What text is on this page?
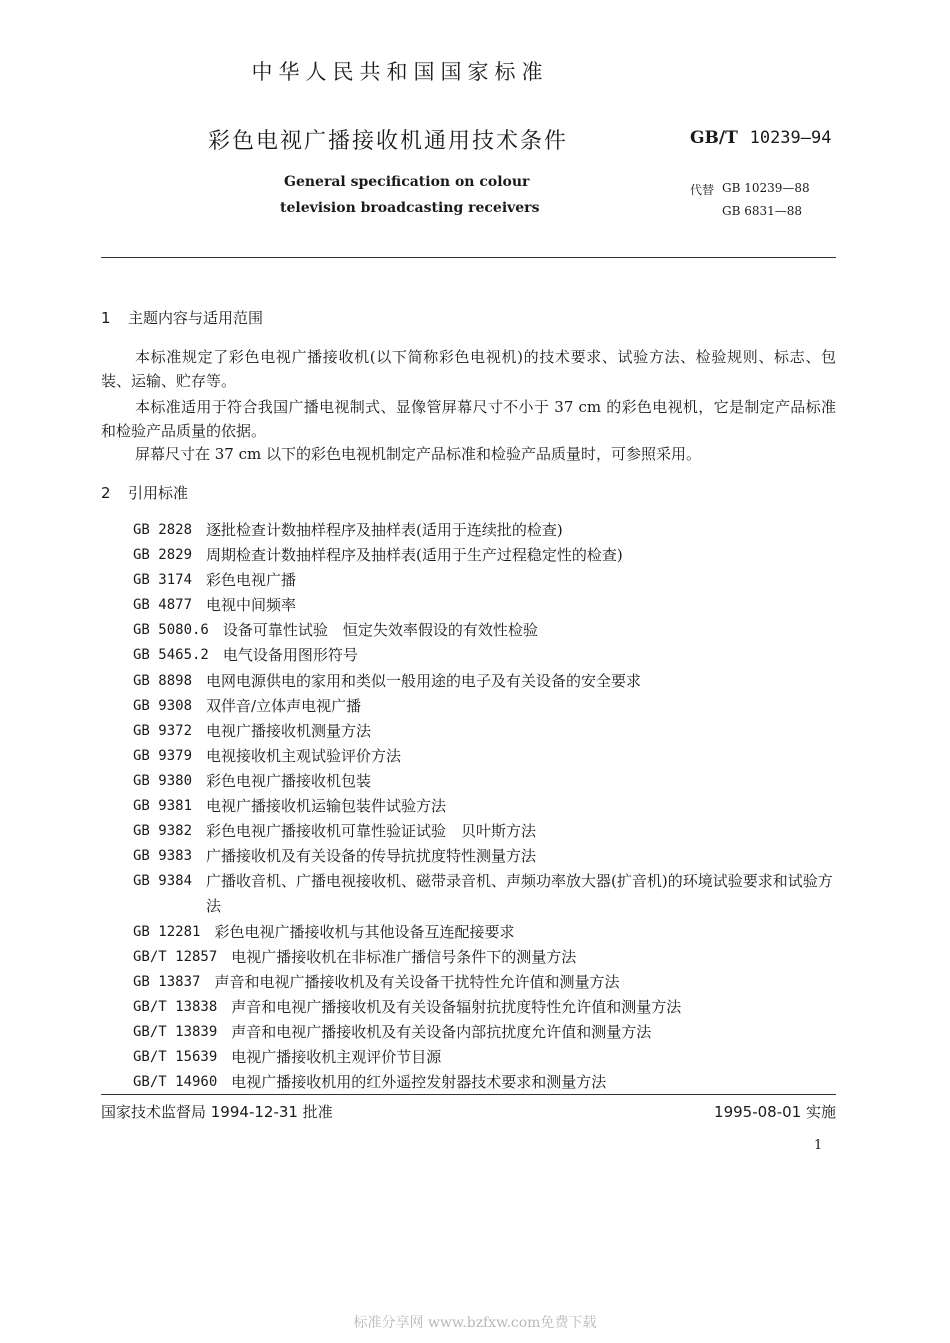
中华人民共和国国家标准
彩色电视广播接收机通用技术条件	GB/T 10239—94
General specification on colour
television broadcasting receivers
代替 GB 10239—88
GB 6831—88
1 主题内容与适用范围
本标准规定了彩色电视广播接收机(以下简称彩色电视机)的技术要求、试验方法、检验规则、标志、包装、运输、贮存等。
本标准适用于符合我国广播电视制式、显像管屏幕尺寸不小于 37 cm 的彩色电视机，它是制定产品标准和检验产品质量的依据。
屏幕尺寸在 37 cm 以下的彩色电视机制定产品标准和检验产品质量时，可参照采用。
2 引用标准
GB 2828 逐批检查计数抽样程序及抽样表(适用于连续批的检查)
GB 2829 周期检查计数抽样程序及抽样表(适用于生产过程稳定性的检查)
GB 3174 彩色电视广播
GB 4877 电视中间频率
GB 5080.6 设备可靠性试验　恒定失效率假设的有效性检验
GB 5465.2 电气设备用图形符号
GB 8898 电网电源供电的家用和类似一般用途的电子及有关设备的安全要求
GB 9308 双伴音/立体声电视广播
GB 9372 电视广播接收机测量方法
GB 9379 电视接收机主观试验评价方法
GB 9380 彩色电视广播接收机包装
GB 9381 电视广播接收机运输包装件试验方法
GB 9382 彩色电视广播接收机可靠性验证试验　贝叶斯方法
GB 9383 广播接收机及有关设备的传导抗扰度特性测量方法
GB 9384 广播收音机、广播电视接收机、磁带录音机、声频功率放大器(扩音机)的环境试验要求和试验方法
GB 12281 彩色电视广播接收机与其他设备互连配接要求
GB/T 12857 电视广播接收机在非标准广播信号条件下的测量方法
GB 13837 声音和电视广播接收机及有关设备干扰特性允许值和测量方法
GB/T 13838 声音和电视广播接收机及有关设备辐射抗扰度特性允许值和测量方法
GB/T 13839 声音和电视广播接收机及有关设备内部抗扰度允许值和测量方法
GB/T 15639 电视广播接收机主观评价节目源
GB/T 14960 电视广播接收机用的红外遥控发射器技术要求和测量方法
国家技术监督局 1994-12-31 批准	1995-08-01 实施
1
标准分享网 www.bzfxw.com免费下载
